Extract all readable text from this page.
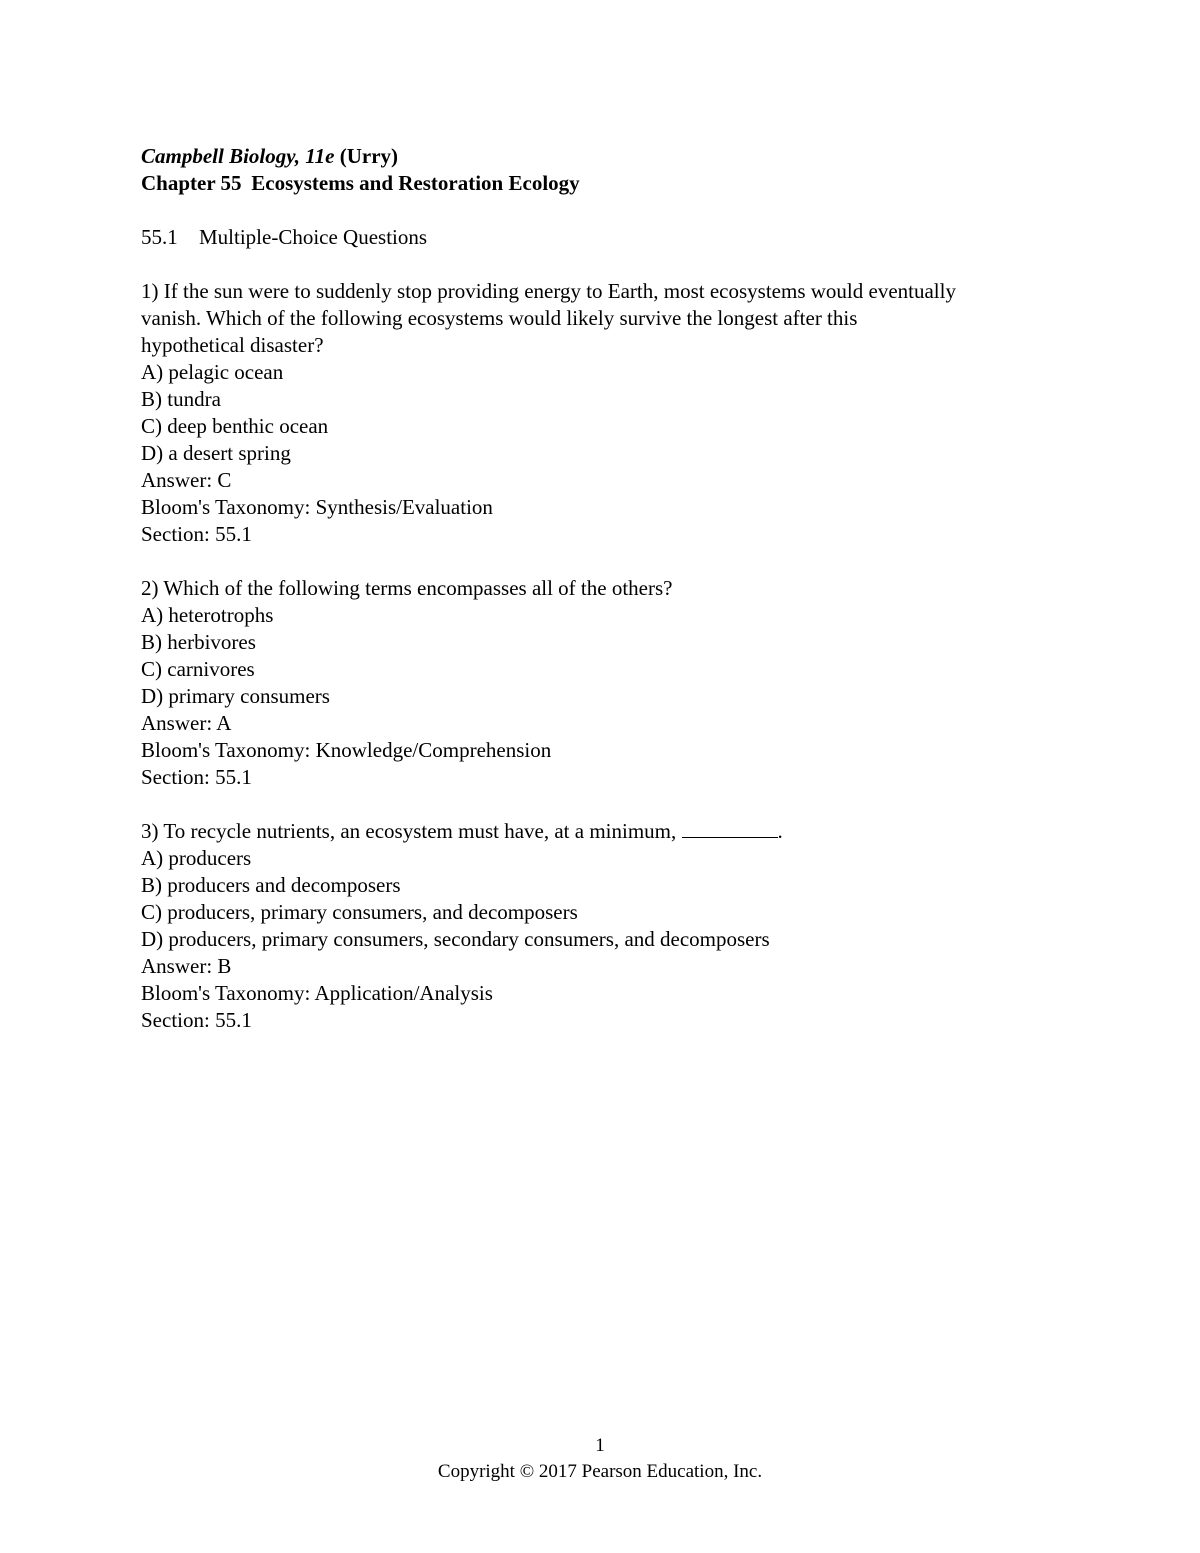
Campbell Biology, 11e (Urry)
Chapter 55 Ecosystems and Restoration Ecology
55.1 Multiple-Choice Questions
1) If the sun were to suddenly stop providing energy to Earth, most ecosystems would eventually
vanish. Which of the following ecosystems would likely survive the longest after this
hypothetical disaster?
A) pelagic ocean
B) tundra
C) deep benthic ocean
D) a desert spring
Answer: C
Bloom's Taxonomy: Synthesis/Evaluation
Section: 55.1
2) Which of the following terms encompasses all of the others?
A) heterotrophs
B) herbivores
C) carnivores
D) primary consumers
Answer: A
Bloom's Taxonomy: Knowledge/Comprehension
Section: 55.1
3) To recycle nutrients, an ecosystem must have, at a minimum,	.
A) producers
B) producers and decomposers
C) producers, primary consumers, and decomposers
D) producers, primary consumers, secondary consumers, and decomposers
Answer: B
Bloom's Taxonomy: Application/Analysis
Section: 55.1
1
Copyright © 2017 Pearson Education, Inc.
